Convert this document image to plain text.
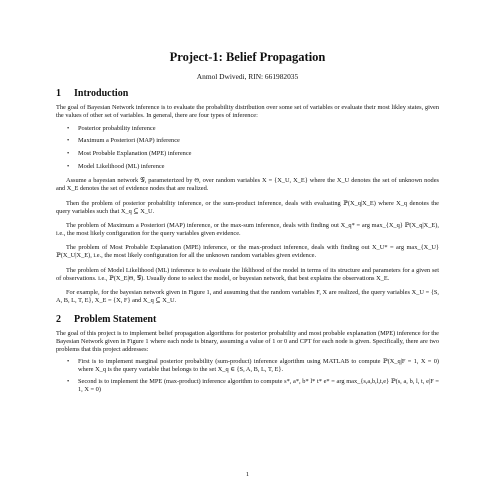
Project-1: Belief Propagation
Anmol Dwivedi, RIN: 661982035
1 Introduction

The goal of Bayesian Network inference is to evaluate the probability distribution over some set of variables or evaluate their most likley states, given the values of other set of variables. In general, there are four types of inference:

• Posterior probability inference
• Maximum a Posteriori (MAP) inference
• Most Probable Explanation (MPE) inference
• Model Likelihood (ML) inference

Assume a bayesian network 𝒢, parameterized by Θ, over random variables X = {X_U, X_E} where the X_U denotes the set of unknown nodes and X_E denotes the set of evidence nodes that are realized.

Then the problem of posterior probability inference, or the sum-product inference, deals with evaluating ℙ(X_q|X_E) where X_q denotes the query variables such that X_q ⊆ X_U.

The problem of Maximum a Posteriori (MAP) inference, or the max-sum inference, deals with finding out X_q* = arg max_{X_q} ℙ(X_q|X_E), i.e., the most likely configuration for the query variables given evidence.

The problem of Most Probable Explanation (MPE) inference, or the max-product inference, deals with finding out X_U* = arg max_{X_U} ℙ(X_U|X_E), i.e., the most likely configuration for all the unknown random variables given evidence.

The problem of Model Likelihood (ML) inference is to evaluate the liklihood of the model in terms of its structure and parameters for a given set of observations. i.e., ℙ(X_E|Θ, 𝒢). Usually done to select the model, or buyesian network, that best explains the observations X_E.

For example, for the bayesian network given in Figure 1, and ausuming that the random variables F, X are realized, the query variables X_U = {S, A, B, L, T, E}, X_E = {X, F} and X_q ⊆ X_U.

2 Problem Statement

The goal of this project is to implement belief propagation algorithms for posterior probability and most probable explanation (MPE) inference for the Bayesian Network given in Figure 1 where each node is binary, assuming a value of 1 or 0 and CPT for each node is given. Specifically, there are two problems that this project addresses:

• First is to implement marginal posterior probability (sum-product) inference algorithm using MATLAB to compute ℙ(X_q|F = 1, X = 0) where X_q is the query variable that belongs to the set X_q ∈ {S, A, B, L, T, E}.
• Second is to implement the MPE (max-product) inference algorithm to compute s*, a*, b* l* t* e* = arg max_{s,a,b,l,t,e} ℙ(s, a, b, l, t, e|F = 1, X = 0)
1
